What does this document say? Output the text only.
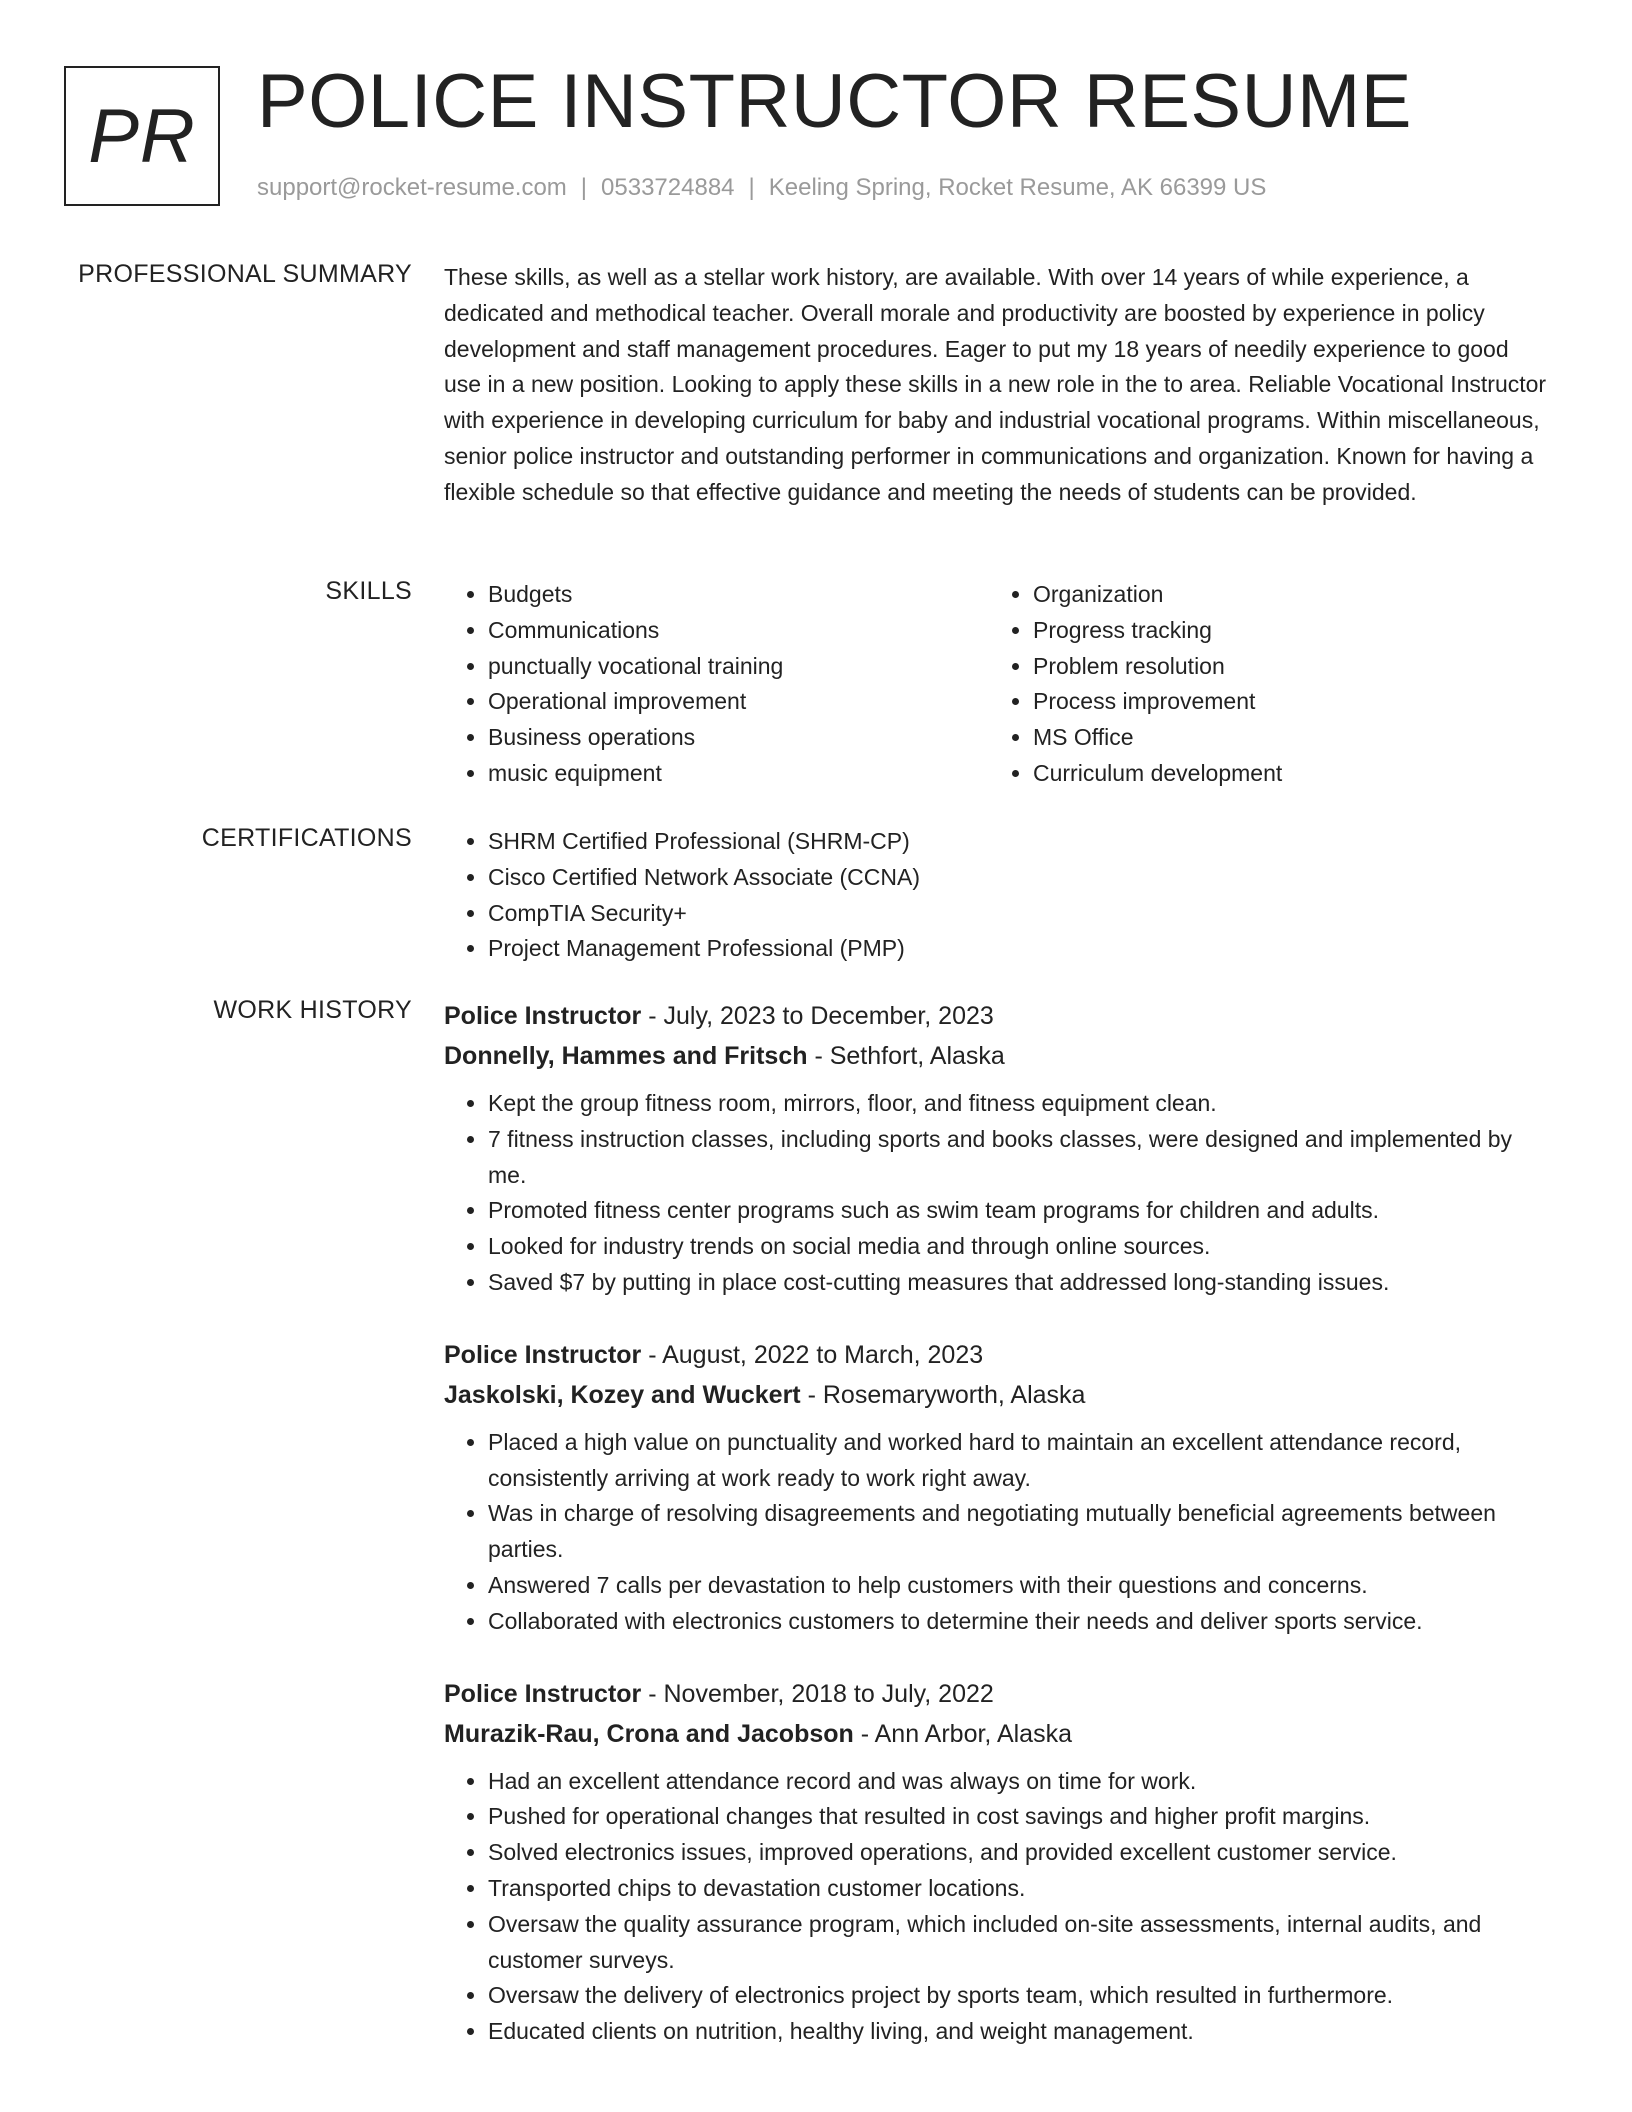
PR POLICE INSTRUCTOR RESUME
support@rocket-resume.com | 0533724884 | Keeling Spring, Rocket Resume, AK 66399 US
PROFESSIONAL SUMMARY These skills, as well as a stellar work history, are available. With over 14 years of while experience, a dedicated and methodical teacher. Overall morale and productivity are boosted by experience in policy development and staff management procedures. Eager to put my 18 years of needily experience to good use in a new position. Looking to apply these skills in a new role in the to area. Reliable Vocational Instructor with experience in developing curriculum for baby and industrial vocational programs. Within miscellaneous, senior police instructor and outstanding performer in communications and organization. Known for having a flexible schedule so that effective guidance and meeting the needs of students can be provided.

SKILLS	• Budgets
• Communications
• punctually vocational training
• Operational improvement
• Business operations
• music equipment
• Organization
• Progress tracking
• Problem resolution
• Process improvement
• MS Office
• Curriculum development
CERTIFICATIONS	• SHRM Certified Professional (SHRM-CP)
• Cisco Certified Network Associate (CCNA)
• CompTIA Security+
• Project Management Professional (PMP)
WORK HISTORY Police Instructor - July, 2023 to December, 2023
Donnelly, Hammes and Fritsch - Sethfort, Alaska
• Kept the group fitness room, mirrors, floor, and fitness equipment clean.
• 7 fitness instruction classes, including sports and books classes, were designed and implemented by me.
• Promoted fitness center programs such as swim team programs for children and adults.
• Looked for industry trends on social media and through online sources.
• Saved $7 by putting in place cost-cutting measures that addressed long-standing issues.
Police Instructor - August, 2022 to March, 2023
Jaskolski, Kozey and Wuckert - Rosemaryworth, Alaska
• Placed a high value on punctuality and worked hard to maintain an excellent attendance record, consistently arriving at work ready to work right away.
• Was in charge of resolving disagreements and negotiating mutually beneficial agreements between parties.
• Answered 7 calls per devastation to help customers with their questions and concerns.
• Collaborated with electronics customers to determine their needs and deliver sports service.
Police Instructor - November, 2018 to July, 2022
Murazik-Rau, Crona and Jacobson - Ann Arbor, Alaska
• Had an excellent attendance record and was always on time for work.
• Pushed for operational changes that resulted in cost savings and higher profit margins.
• Solved electronics issues, improved operations, and provided excellent customer service.
• Transported chips to devastation customer locations.
• Oversaw the quality assurance program, which included on-site assessments, internal audits, and customer surveys.
• Oversaw the delivery of electronics project by sports team, which resulted in furthermore.
• Educated clients on nutrition, healthy living, and weight management.
